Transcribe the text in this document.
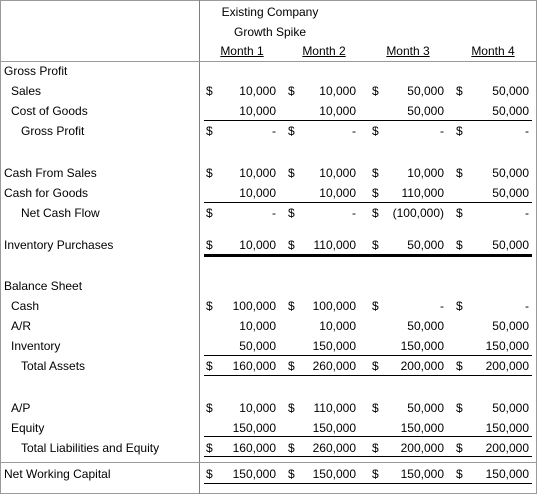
Existing Company
Growth Spike
Month 1	Month 2	Month 3	Month 4
Gross Profit
Sales	$	10,000 $	10,000 $	50,000 $	50,000
Cost of Goods	10,000	10,000	50,000	50,000
Gross Profit	$	- $	- $	- $	-
Cash From Sales	$	10,000 $	10,000 $	10,000 $	50,000
Cash for Goods	10,000	10,000 $	110,000	50,000
Net Cash Flow	$	- $	- $	(100,000) $	-
Inventory Purchases	$	10,000 $	110,000 $	50,000 $	50,000
Balance Sheet
Cash	$	100,000 $	100,000 $	- $	-
A/R	10,000	10,000	50,000	50,000
Inventory	50,000	150,000	150,000	150,000
Total Assets	$	160,000 $	260,000 $	200,000 $	200,000
A/P	$	10,000 $	110,000 $	50,000 $	50,000
Equity	150,000	150,000	150,000	150,000
Total Liabilities and Equity	$	160,000 $	260,000 $	200,000 $	200,000
Net Working Capital	$	150,000 $	150,000 $	150,000 $	150,000
